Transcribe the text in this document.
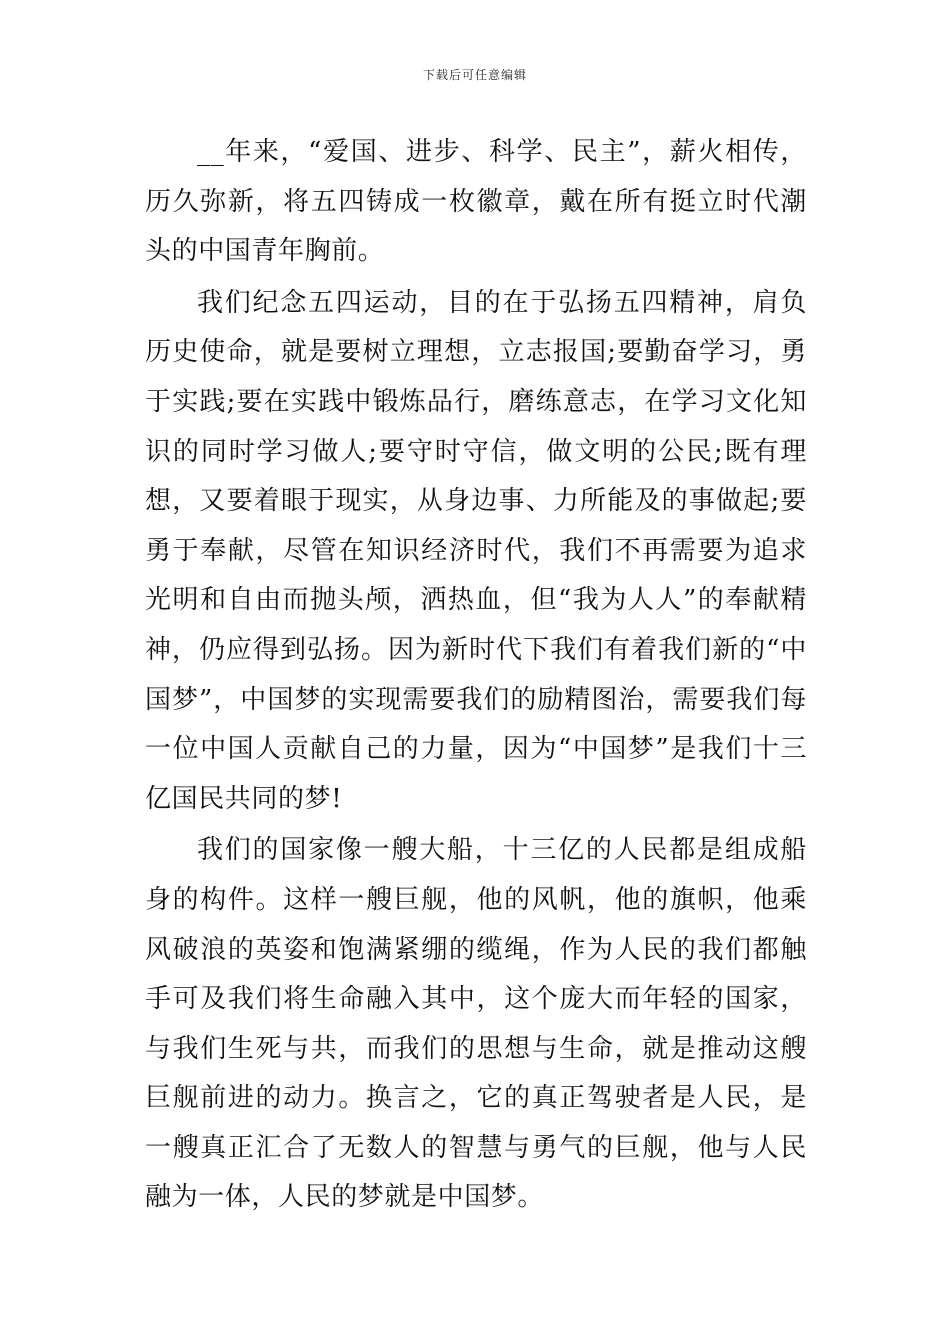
下载后可任意编辑

__年来，“爱国、进步、科学、民主”，薪火相传，历久弥新，将五四铸成一枚徽章，戴在所有挺立时代潮头的中国青年胸前。

我们纪念五四运动，目的在于弘扬五四精神，肩负历史使命，就是要树立理想，立志报国;要勤奋学习，勇于实践;要在实践中锻炼品行，磨练意志，在学习文化知识的同时学习做人;要守时守信，做文明的公民;既有理想，又要着眼于现实，从身边事、力所能及的事做起;要勇于奉献，尽管在知识经济时代，我们不再需要为追求光明和自由而抛头颅，洒热血，但“我为人人”的奉献精神，仍应得到弘扬。因为新时代下我们有着我们新的“中国梦”，中国梦的实现需要我们的励精图治，需要我们每一位中国人贡献自己的力量，因为“中国梦”是我们十三亿国民共同的梦!

我们的国家像一艘大船，十三亿的人民都是组成船身的构件。这样一艘巨舰，他的风帆，他的旗帜，他乘风破浪的英姿和饱满紧绷的缆绳，作为人民的我们都触手可及我们将生命融入其中，这个庞大而年轻的国家，与我们生死与共，而我们的思想与生命，就是推动这艘巨舰前进的动力。换言之，它的真正驾驶者是人民，是一艘真正汇合了无数人的智慧与勇气的巨舰，他与人民融为一体，人民的梦就是中国梦。
